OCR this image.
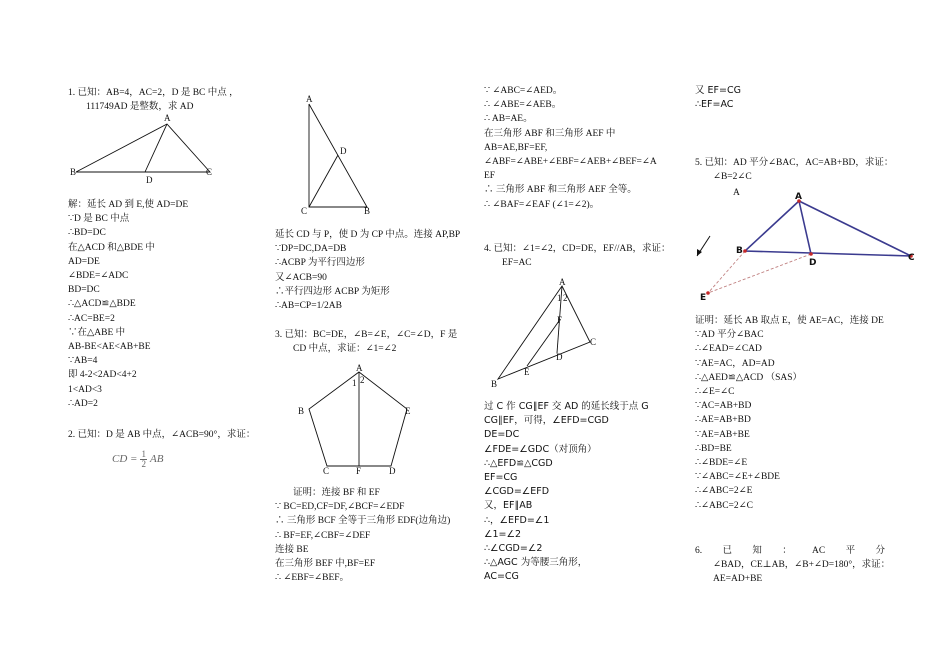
1. 已知：AB=4，AC=2，D 是 BC 中点 ，
111749AD 是整数，求 AD
A
B	C
D
解：延长 AD 到 E,使 AD=DE
∵D 是 BC 中点
∴BD=DC
在△ACD 和△BDE 中
AD=DE
∠BDE=∠ADC
BD=DC
∴△ACD≌△BDE
∴AC=BE=2
∵在△ABE 中
AB-BE<AE<AB+BE
∵AB=4
即 4-2<2AD<4+2
1<AD<3
∴AD=2
2. 已知：D 是 AB 中点，∠ACB=90°，求证：
CD = $\frac{1}{2}$ AB
A
D
C	B
延长 CD 与 P，使 D 为 CP 中点。连接 AP,BP
∵DP=DC,DA=DB
∴ACBP 为平行四边形
又∠ACB=90
∴平行四边形 ACBP 为矩形
∴AB=CP=1/2AB
3. 已知：BC=DE，∠B=∠E，∠C=∠D，F 是
CD 中点，求证：∠1=∠2
A
1 2
B	E
C	F	D
证明：连接 BF 和 EF
∵ BC=ED,CF=DF,∠BCF=∠EDF
∴ 三角形 BCF 全等于三角形 EDF(边角边)
∴ BF=EF,∠CBF=∠DEF
连接 BE
在三角形 BEF 中,BF=EF
∴ ∠EBF=∠BEF。
∵ ∠ABC=∠AED。
∴ ∠ABE=∠AEB。
∴ AB=AE。
在三角形 ABF 和三角形 AEF 中
AB=AE,BF=EF,
∠ABF=∠ABE+∠EBF=∠AEB+∠BEF=∠A
EF
∴ 三角形 ABF 和三角形 AEF 全等。
∴ ∠BAF=∠EAF (∠1=∠2)。
4. 已知：∠1=∠2，CD=DE，EF//AB，求证：
EF=AC
A
1 2
F
C
D
E
B
过 C 作 CG∥EF 交 AD 的延长线于点 G
CG∥EF，可得，∠EFD=CGD
DE=DC
∠FDE=∠GDC（对顶角）
∴△EFD≌△CGD
EF=CG
∠CGD=∠EFD
又，EF∥AB
∴，∠EFD=∠1
∠1=∠2
∴∠CGD=∠2
∴△AGC 为等腰三角形，
AC=CG
又 EF=CG
∴EF=AC
5. 已知：AD 平分∠BAC，AC=AB+BD，求证：
∠B=2∠C
A	A
B
D	C
E
证明：延长 AB 取点 E，使 AE=AC，连接 DE
∵AD 平分∠BAC
∴∠EAD=∠CAD
∵AE=AC，AD=AD
∴△AED≌△ACD （SAS）
∴∠E=∠C
∵AC=AB+BD
∴AE=AB+BD
∵AE=AB+BE
∴BD=BE
∴∠BDE=∠E
∵∠ABC=∠E+∠BDE
∴∠ABC=2∠E
∴∠ABC=2∠C
6. 已 知 ： AC 平 分
∠BAD，CE⊥AB，∠B+∠D=180°，求证：
AE=AD+BE
